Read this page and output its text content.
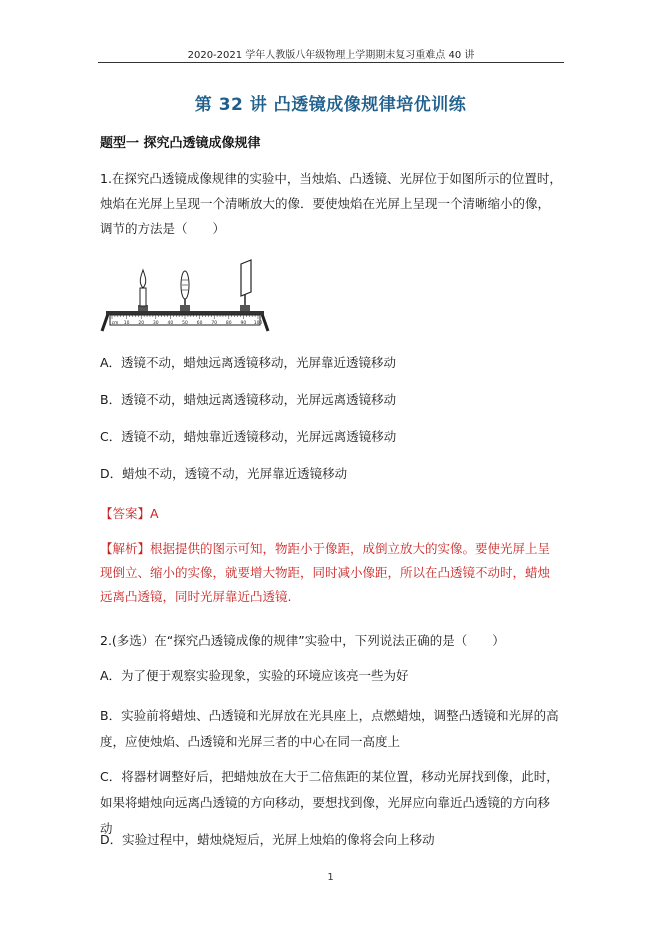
2020-2021 学年人教版八年级物理上学期期末复习重难点 40 讲
第 32 讲 凸透镜成像规律培优训练
题型一 探究凸透镜成像规律
1.在探究凸透镜成像规律的实验中，当烛焰、凸透镜、光屏位于如图所示的位置时，烛焰在光屏上呈现一个清晰放大的像．要使烛焰在光屏上呈现一个清晰缩小的像，调节的方法是（　　）
cm 10 20 30 40 50 60 70 80 90 100
A．透镜不动，蜡烛远离透镜移动，光屏靠近透镜移动
B．透镜不动，蜡烛远离透镜移动，光屏远离透镜移动
C．透镜不动，蜡烛靠近透镜移动，光屏远离透镜移动
D．蜡烛不动，透镜不动，光屏靠近透镜移动
【答案】A
【解析】根据提供的图示可知，物距小于像距，成倒立放大的实像。要使光屏上呈现倒立、缩小的实像，就要增大物距，同时减小像距，所以在凸透镜不动时，蜡烛远离凸透镜，同时光屏靠近凸透镜.
2.(多选）在“探究凸透镜成像的规律”实验中，下列说法正确的是（　　）
A．为了便于观察实验现象，实验的环境应该亮一些为好
B．实验前将蜡烛、凸透镜和光屏放在光具座上，点燃蜡烛，调整凸透镜和光屏的高度，应使烛焰、凸透镜和光屏三者的中心在同一高度上
C．将器材调整好后，把蜡烛放在大于二倍焦距的某位置，移动光屏找到像，此时，如果将蜡烛向远离凸透镜的方向移动，要想找到像，光屏应向靠近凸透镜的方向移动
D．实验过程中，蜡烛烧短后，光屏上烛焰的像将会向上移动
1
